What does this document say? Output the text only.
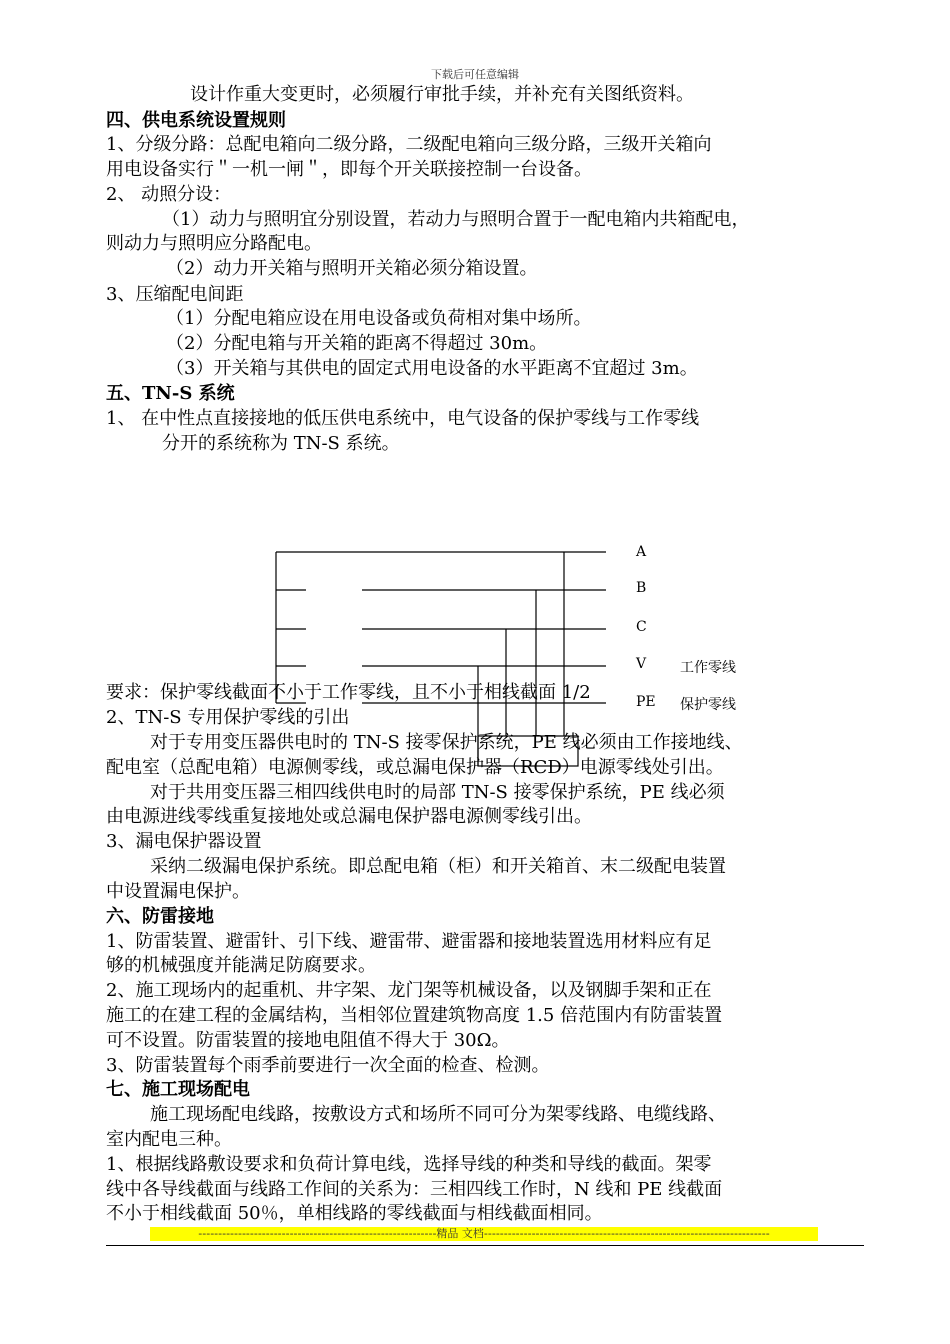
下载后可任意编辑
设计作重大变更时，必须履行审批手续，并补充有关图纸资料。
四、供电系统设置规则
1、分级分路：总配电箱向二级分路，二级配电箱向三级分路，三级开关箱向
用电设备实行＂一机一闸＂，即每个开关联接控制一台设备。
2、 动照分设：
（1）动力与照明宜分别设置，若动力与照明合置于一配电箱内共箱配电，
则动力与照明应分路配电。
（2）动力开关箱与照明开关箱必须分箱设置。
3、压缩配电间距
（1）分配电箱应设在用电设备或负荷相对集中场所。
（2）分配电箱与开关箱的距离不得超过 30m。
（3）开关箱与其供电的固定式用电设备的水平距离不宜超过 3m。
五、TN-S 系统
1、 在中性点直接接地的低压供电系统中，电气设备的保护零线与工作零线
分开的系统称为 TN-S 系统。
A
B
C
V 工作零线
PE 保护零线
要求：保护零线截面不小于工作零线，且不小于相线截面 1/2
2、TN-S 专用保护零线的引出
对于专用变压器供电时的 TN-S 接零保护系统，PE 线必须由工作接地线、
配电室（总配电箱）电源侧零线，或总漏电保护器（RCD）电源零线处引出。
对于共用变压器三相四线供电时的局部 TN-S 接零保护系统，PE 线必须
由电源进线零线重复接地处或总漏电保护器电源侧零线引出。
3、漏电保护器设置
采纳二级漏电保护系统。即总配电箱（柜）和开关箱首、末二级配电装置
中设置漏电保护。
六、防雷接地
1、防雷装置、避雷针、引下线、避雷带、避雷器和接地装置选用材料应有足
够的机械强度并能满足防腐要求。
2、施工现场内的起重机、井字架、龙门架等机械设备，以及钢脚手架和正在
施工的在建工程的金属结构，当相邻位置建筑物高度 1.5 倍范围内有防雷装置
可不设置。防雷装置的接地电阻值不得大于 30Ω。
3、防雷装置每个雨季前要进行一次全面的检查、检测。
七、施工现场配电
施工现场配电线路，按敷设方式和场所不同可分为架零线路、电缆线路、
室内配电三种。
1、根据线路敷设要求和负荷计算电线，选择导线的种类和导线的截面。架零
线中各导线截面与线路工作间的关系为：三相四线工作时，N 线和 PE 线截面
不小于相线截面 50％，单相线路的零线截面与相线截面相同。
------------------------------------------------------------精品 文档------------------------------------------------------------------------
